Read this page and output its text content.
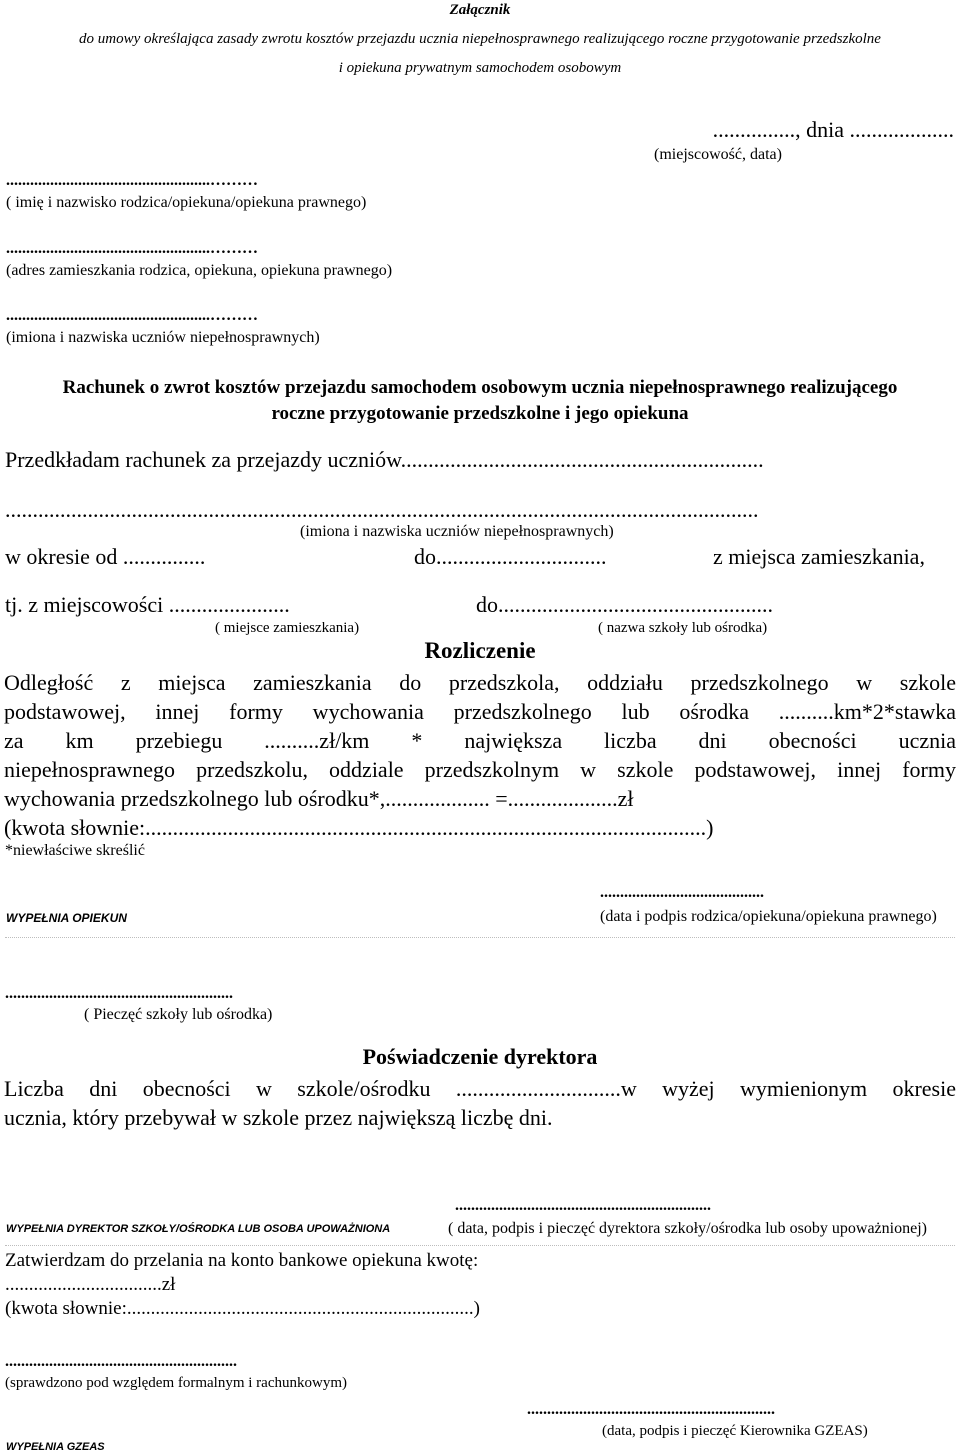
Załącznik
do umowy określająca zasady zwrotu kosztów przejazdu ucznia niepełnosprawnego realizującego roczne przygotowanie przedszkolne
i opiekuna prywatnym samochodem osobowym
..............., dnia ...................
(miejscowość, data)
...................................................………
( imię i nazwisko rodzica/opiekuna/opiekuna prawnego)
...................................................………
(adres zamieszkania rodzica, opiekuna, opiekuna prawnego)
...................................................………
(imiona i nazwiska uczniów niepełnosprawnych)
Rachunek o zwrot kosztów przejazdu samochodem osobowym ucznia niepełnosprawnego realizującego
roczne przygotowanie przedszkolne i jego opiekuna
Przedkładam rachunek za przejazdy uczniów..................................................................
.........................................................................................................................................
(imiona i nazwiska uczniów niepełnosprawnych)
w okresie od ...............	do...............................	z miejsca zamieszkania,
tj. z miejscowości ......................	do..................................................
( miejsce zamieszkania)	( nazwa szkoły lub ośrodka)
Rozliczenie

Odległość z miejsca zamieszkania do przedszkola, oddziału przedszkolnego w szkole

podstawowej, innej formy wychowania przedszkolnego lub ośrodka ..........km*2*stawka

za km przebiegu ..........zł/km * największa liczba dni obecności ucznia

niepełnosprawnego przedszkolu, oddziale przedszkolnym w szkole podstawowej, innej formy

wychowania przedszkolnego lub ośrodku*,................... =....................zł

(kwota słownie:......................................................................................................)

*niewłaściwe skreślić
.........................................
WYPEŁNIA OPIEKUN	(data i podpis rodzica/opiekuna/opiekuna prawnego)
.........................................................
( Pieczęć szkoły lub ośrodka)
Poświadczenie dyrektora

Liczba dni obecności w szkole/ośrodku ..............................w wyżej wymienionym okresie

ucznia, który przebywał w szkole przez największą liczbę dni.

................................................................
WYPEŁNIA DYREKTOR SZKOŁY/OŚRODKA LUB OSOBA UPOWAŻNIONA	( data, podpis i pieczęć dyrektora szkoły/ośrodka lub osoby upoważnionej)
Zatwierdzam do przelania na konto bankowe opiekuna kwotę:
.................................zł
(kwota słownie:.........................................................................)
..........................................................
(sprawdzono pod względem formalnym i rachunkowym)
..............................................................
(data, podpis i pieczęć Kierownika GZEAS)
WYPEŁNIA GZEAS
